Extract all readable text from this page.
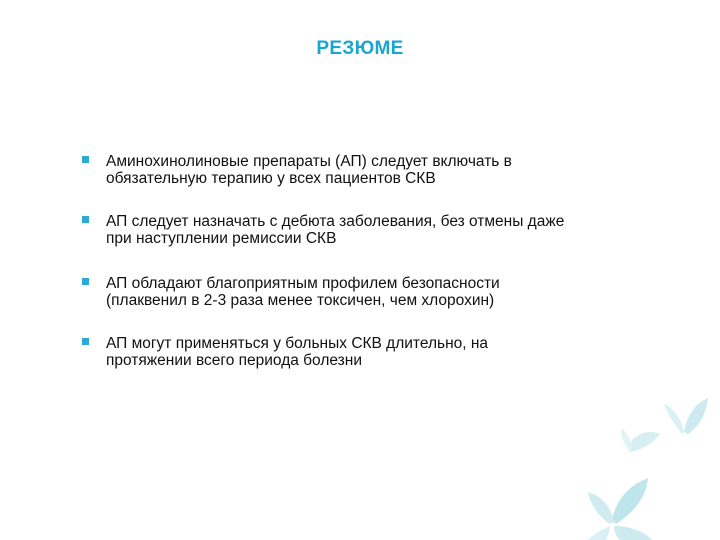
РЕЗЮМЕ
Аминохинолиновые препараты (АП) следует включать в
обязательную терапию у всех пациентов СКВ
АП следует назначать с дебюта заболевания, без отмены даже
при наступлении ремиссии СКВ
АП обладают благоприятным профилем безопасности
(плаквенил в 2-3 раза менее токсичен, чем хлорохин)
АП могут применяться у больных СКВ длительно, на
протяжении всего периода болезни
